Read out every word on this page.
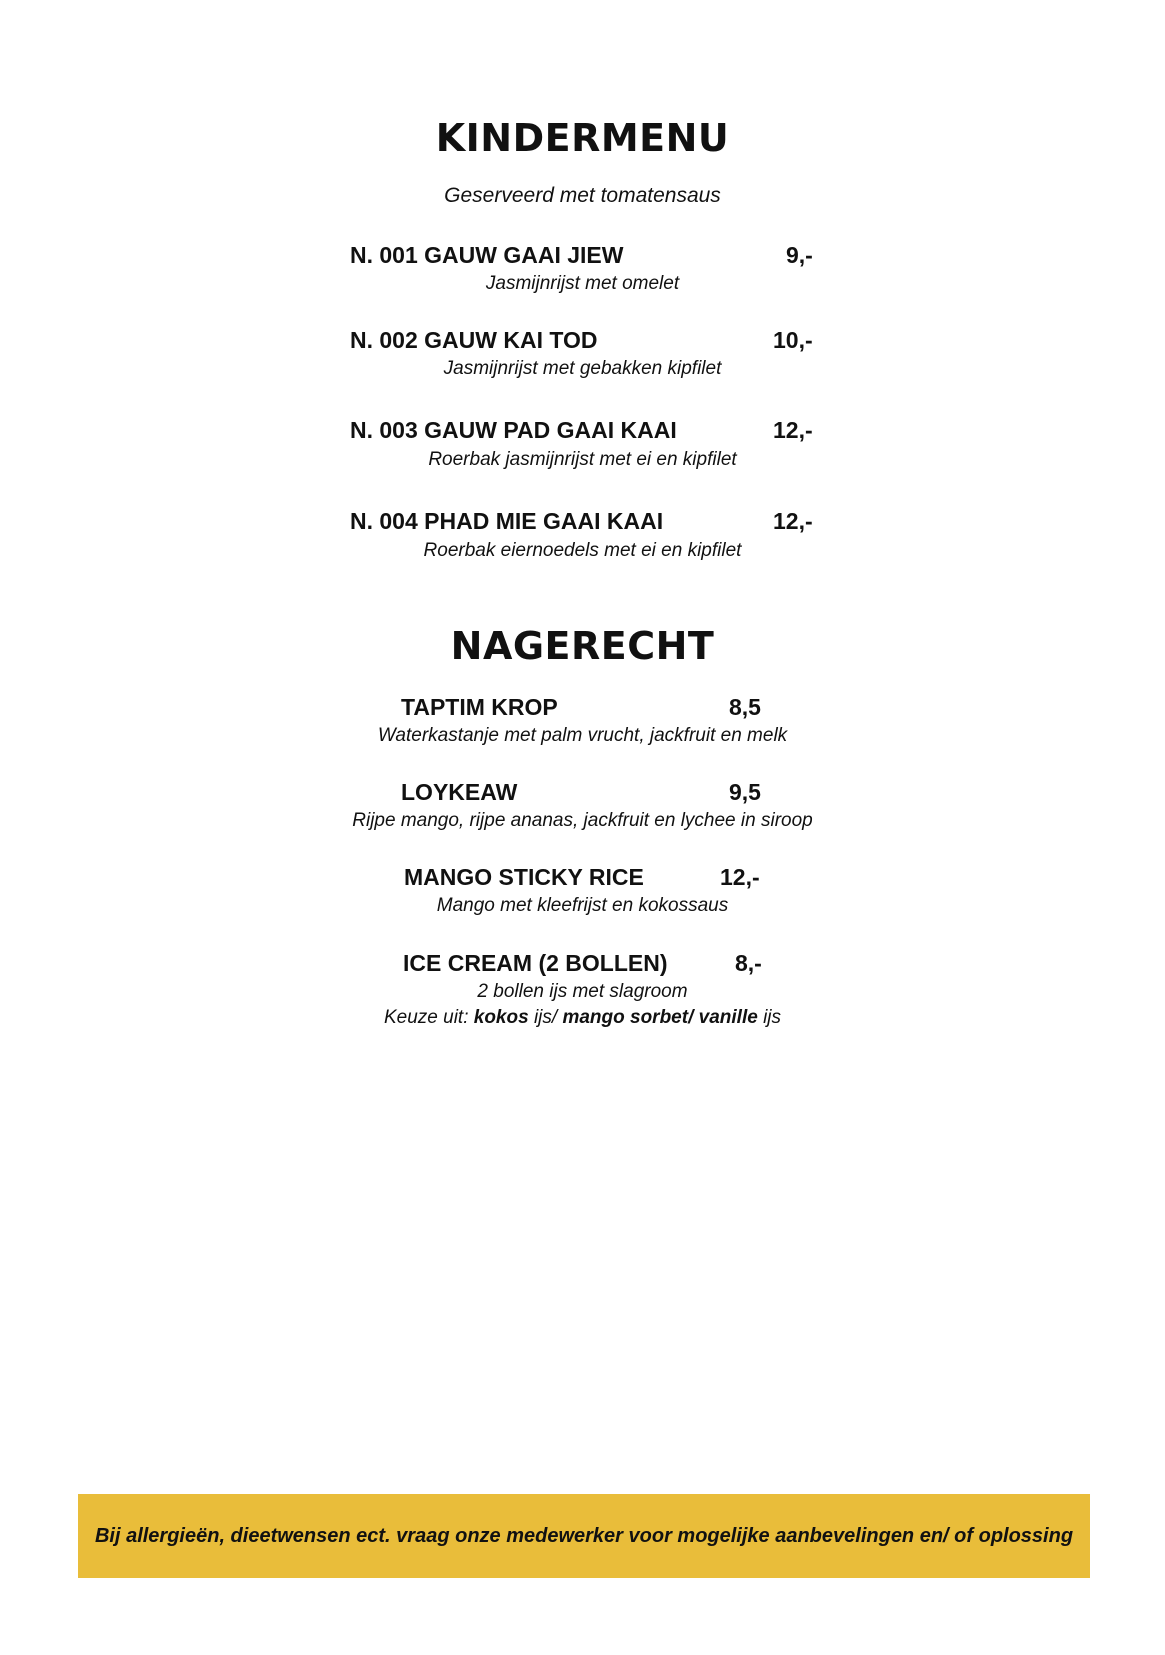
KINDERMENU

Geserveerd met tomatensaus

N. 001 GAUW GAAI JIEW	9,-

Jasmijnrijst met omelet

N. 002 GAUW KAI TOD	10,-

Jasmijnrijst met gebakken kipfilet

N. 003 GAUW PAD GAAI KAAI	12,-

Roerbak jasmijnrijst met ei en kipfilet

N. 004 PHAD MIE GAAI KAAI	12,-

Roerbak eiernoedels met ei en kipfilet

NAGERECHT
TAPTIM KROP	8,5

Waterkastanje met palm vrucht, jackfruit en melk

LOYKEAW	9,5

Rijpe mango, rijpe ananas, jackfruit en lychee in siroop

MANGO STICKY RICE	12,-

Mango met kleefrijst en kokossaus

ICE CREAM (2 BOLLEN)	8,-

2 bollen ijs met slagroom

Keuze uit: kokos ijs/ mango sorbet/ vanille ijs

Bij allergieën, dieetwensen ect. vraag onze medewerker voor mogelijke aanbevelingen en/ of oplossing
